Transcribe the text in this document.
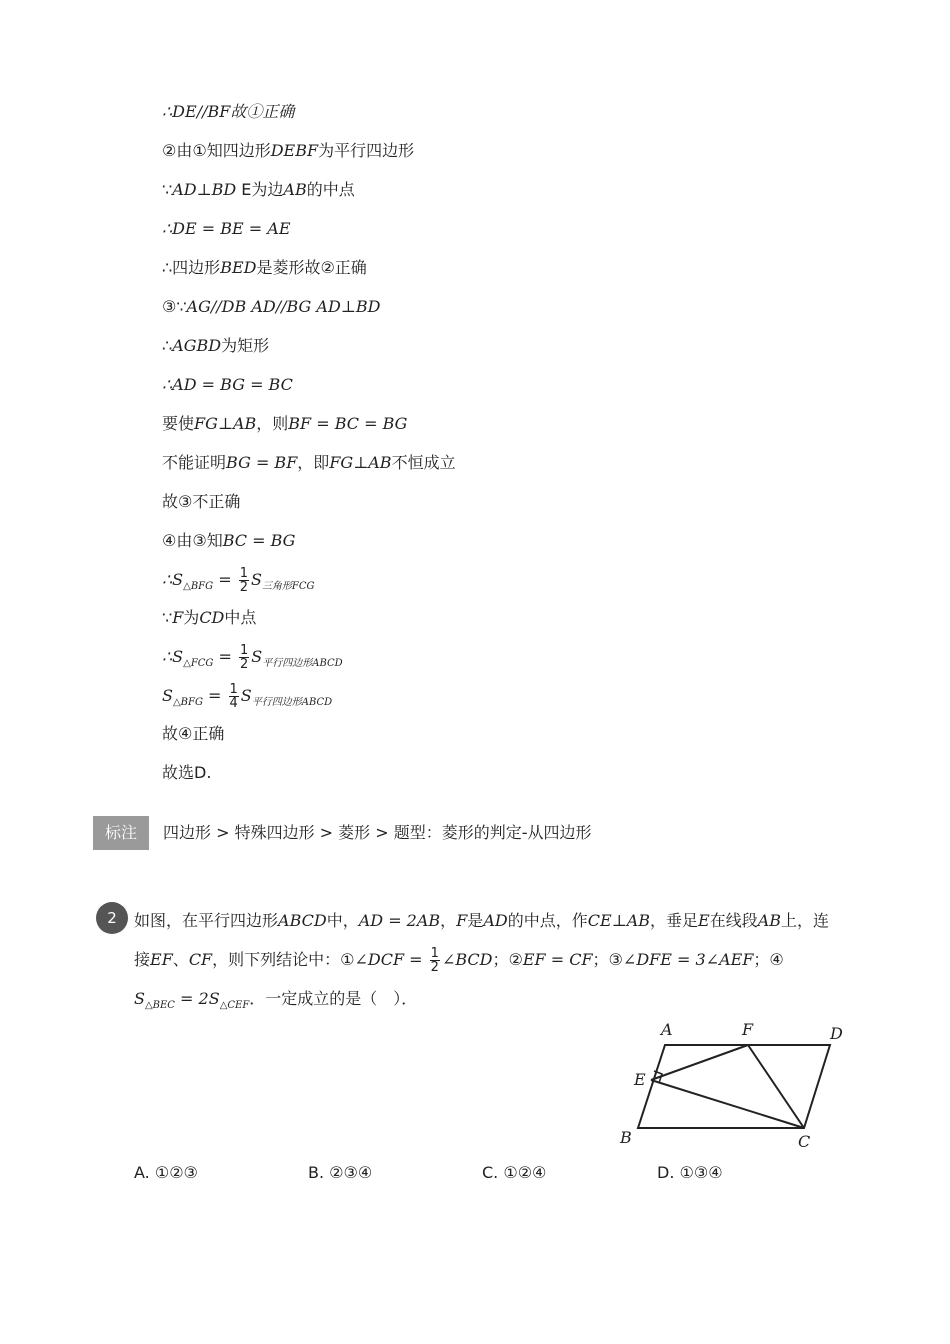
∴DE//BF故①正确
②由①知四边形DEBF为平行四边形
∵AD⊥BD E为边AB的中点
∴DE = BE = AE
∴四边形BED是菱形故②正确
③∵AG//DB AD//BG AD⊥BD
∴AGBD为矩形
∴AD = BG = BC
要使FG⊥AB，则BF = BC = BG
不能证明BG = BF，即FG⊥AB不恒成立
故③不正确
④由③知BC = BG
$\therefore S_{\triangle BFG} = \frac{1}{2} S_{三角形FCG}$
∵F为CD中点
$\therefore S_{\triangle FCG} = \frac{1}{2} S_{平行四边形ABCD}$
$S_{\triangle BFG} = \frac{1}{4} S_{平行四边形ABCD}$
故④正确
故选D.
标注	四边形 > 特殊四边形 > 菱形 > 题型：菱形的判定-从四边形
2	如图，在平行四边形ABCD中，AD = 2AB，F是AD的中点，作CE⊥AB，垂足E在线段AB上，连
接EF、CF，则下列结论中：①∠DCF = $\frac{1}{2}$ ∠BCD；②EF = CF；③∠DFE = 3∠AEF；④
$S_{\triangle BEC} = 2S_{\triangle CEF}$．一定成立的是（　）．
A	F	D
E
B	C
A. ①②③	B. ②③④	C. ①②④	D. ①③④
